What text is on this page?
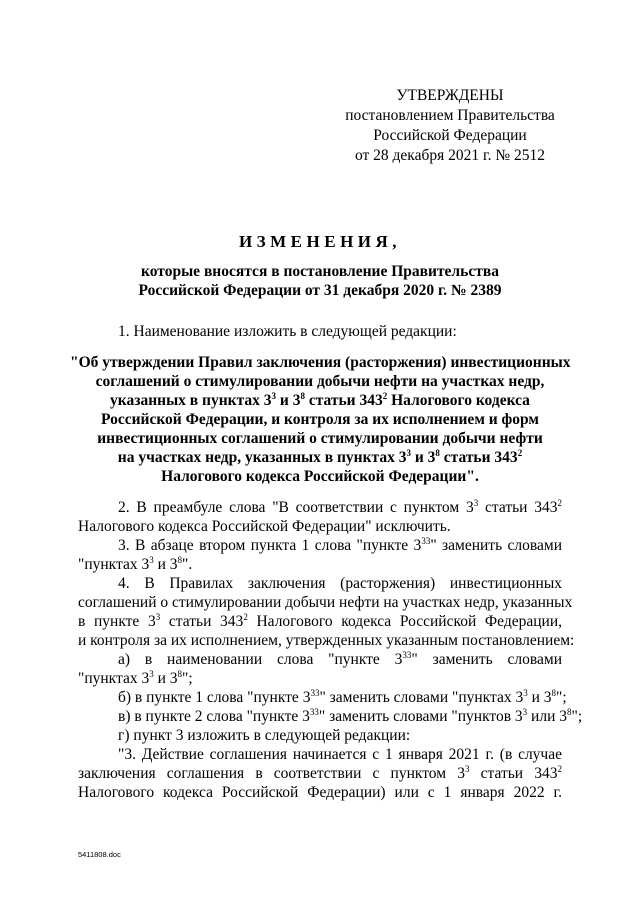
УТВЕРЖДЕНЫ
постановлением Правительства
Российской Федерации
от 28 декабря 2021 г. № 2512
ИЗМЕНЕНИЯ,
которые вносятся в постановление Правительства
Российской Федерации от 31 декабря 2020 г. № 2389
1. Наименование изложить в следующей редакции:
"Об утверждении Правил заключения (расторжения) инвестиционных
соглашений о стимулировании добычи нефти на участках недр,
указанных в пунктах $3^3$ и $3^8$ статьи $343^2$ Налогового кодекса
Российской Федерации, и контроля за их исполнением и форм
инвестиционных соглашений о стимулировании добычи нефти
на участках недр, указанных в пунктах $3^3$ и $3^8$ статьи $343^2$
Налогового кодекса Российской Федерации".
2. В преамбуле слова "В соответствии с пунктом $3^3$ статьи $343^2$
Налогового кодекса Российской Федерации" исключить.
3. В абзаце втором пункта 1 слова "пункте $3^{33}$" заменить словами
"пунктах $3^3$ и $3^8$".
4. В Правилах заключения (расторжения) инвестиционных
соглашений о стимулировании добычи нефти на участках недр, указанных
в пункте $3^3$ статьи $343^2$ Налогового кодекса Российской Федерации,
и контроля за их исполнением, утвержденных указанным постановлением:
а) в наименовании слова "пункте $3^{33}$" заменить словами
"пунктах $3^3$ и $3^8$";
б) в пункте 1 слова "пункте $3^{33}$" заменить словами "пунктах $3^3$ и $3^8$";
в) в пункте 2 слова "пункте $3^{33}$" заменить словами "пунктов $3^3$ или $3^8$";
г) пункт 3 изложить в следующей редакции:
"3. Действие соглашения начинается с 1 января 2021 г. (в случае
заключения соглашения в соответствии с пунктом $3^3$ статьи $343^2$
Налогового кодекса Российской Федерации) или с 1 января 2022 г.
5411808.doc
